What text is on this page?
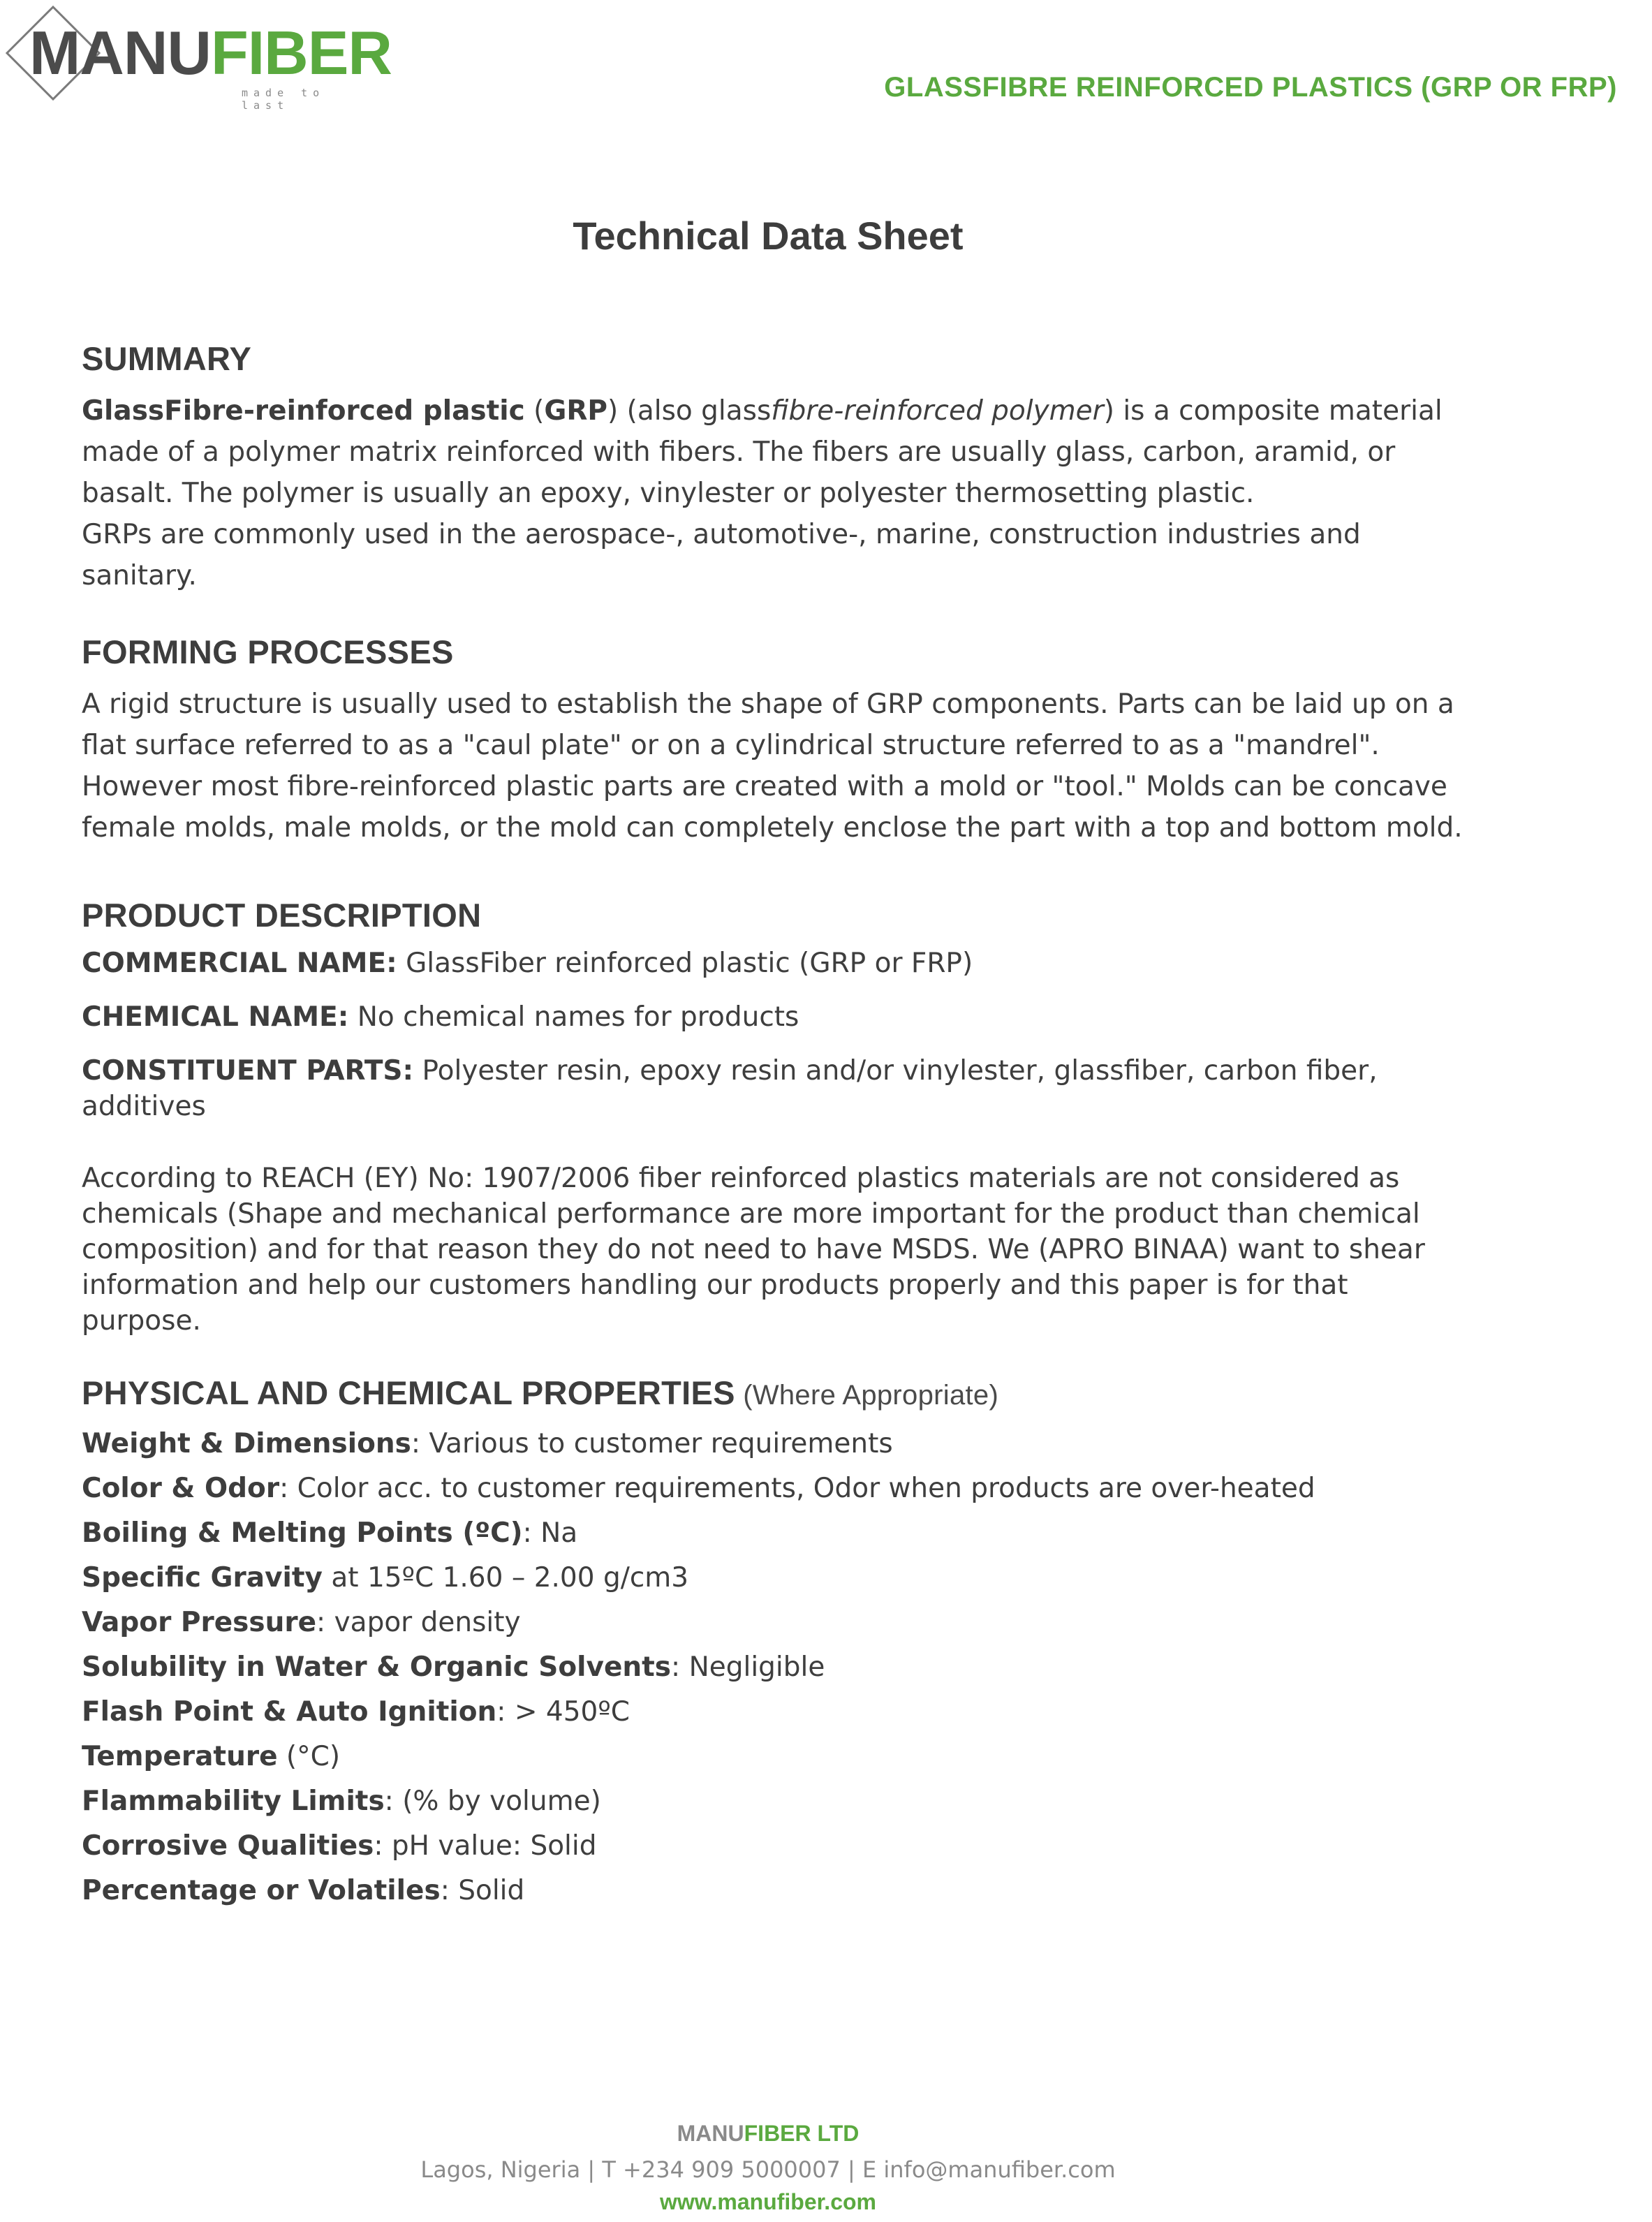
MANUFIBER
made to last
GLASSFIBRE REINFORCED PLASTICS (GRP OR FRP)
Technical Data Sheet
SUMMARY

GlassFibre-reinforced plastic (GRP) (also glassfibre-reinforced polymer) is a composite material made of a polymer matrix reinforced with fibers. The fibers are usually glass, carbon, aramid, or basalt. The polymer is usually an epoxy, vinylester or polyester thermosetting plastic.

GRPs are commonly used in the aerospace-, automotive-, marine, construction industries and sanitary.

FORMING PROCESSES

A rigid structure is usually used to establish the shape of GRP components. Parts can be laid up on a flat surface referred to as a "caul plate" or on a cylindrical structure referred to as a "mandrel". However most fibre-reinforced plastic parts are created with a mold or "tool." Molds can be concave female molds, male molds, or the mold can completely enclose the part with a top and bottom mold.

PRODUCT DESCRIPTION

COMMERCIAL NAME: GlassFiber reinforced plastic (GRP or FRP)

CHEMICAL NAME: No chemical names for products

CONSTITUENT PARTS: Polyester resin, epoxy resin and/or vinylester, glassfiber, carbon fiber, additives

According to REACH (EY) No: 1907/2006 fiber reinforced plastics materials are not considered as chemicals (Shape and mechanical performance are more important for the product than chemical composition) and for that reason they do not need to have MSDS. We (APRO BINAA) want to shear information and help our customers handling our products properly and this paper is for that purpose.

PHYSICAL AND CHEMICAL PROPERTIES (Where Appropriate)

Weight & Dimensions: Various to customer requirements

Color & Odor: Color acc. to customer requirements, Odor when products are over-heated

Boiling & Melting Points (ºC): Na

Specific Gravity at 15ºC 1.60 – 2.00 g/cm3

Vapor Pressure: vapor density

Solubility in Water & Organic Solvents: Negligible

Flash Point & Auto Ignition: > 450ºC

Temperature (°C)

Flammability Limits: (% by volume)

Corrosive Qualities: pH value: Solid

Percentage or Volatiles: Solid

MANUFIBER LTD
Lagos, Nigeria | T +234 909 5000007 | E info@manufiber.com
www.manufiber.com
